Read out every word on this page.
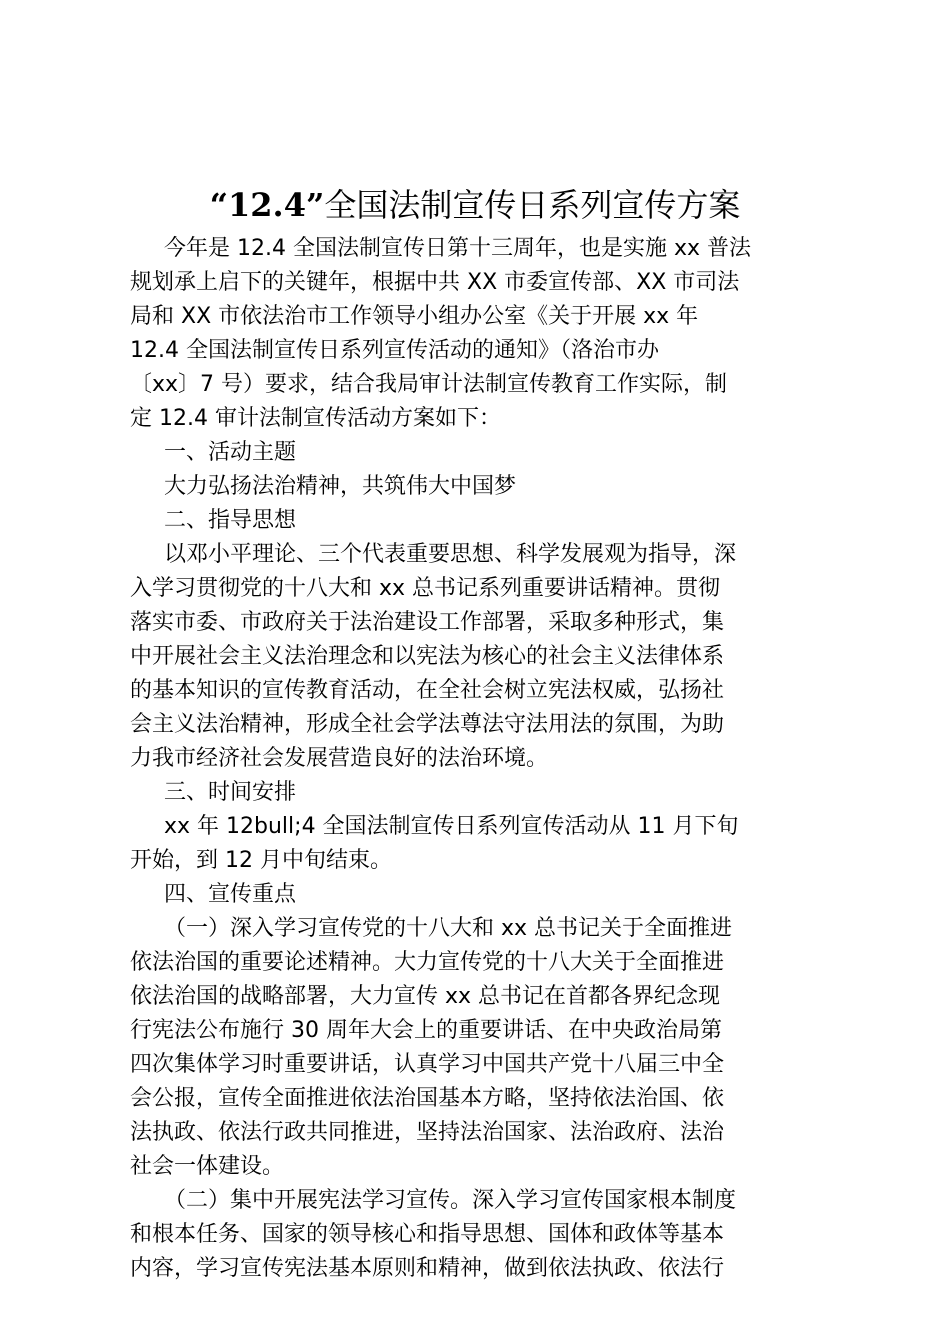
“12.4”全国法制宣传日系列宣传方案

今年是 12.4 全国法制宣传日第十三周年，也是实施 xx 普法

规划承上启下的关键年，根据中共 XX 市委宣传部、XX 市司法

局和 XX 市依法治市工作领导小组办公室《关于开展 xx 年

12.4 全国法制宣传日系列宣传活动的通知》（洛治市办

〔xx〕7 号）要求，结合我局审计法制宣传教育工作实际，制

定 12.4 审计法制宣传活动方案如下：

一、活动主题

大力弘扬法治精神，共筑伟大中国梦

二、指导思想

以邓小平理论、三个代表重要思想、科学发展观为指导，深

入学习贯彻党的十八大和 xx 总书记系列重要讲话精神。贯彻

落实市委、市政府关于法治建设工作部署，采取多种形式，集

中开展社会主义法治理念和以宪法为核心的社会主义法律体系

的基本知识的宣传教育活动，在全社会树立宪法权威，弘扬社

会主义法治精神，形成全社会学法尊法守法用法的氛围，为助

力我市经济社会发展营造良好的法治环境。

三、时间安排

xx 年 12bull;4 全国法制宣传日系列宣传活动从 11 月下旬

开始，到 12 月中旬结束。

四、宣传重点

（一）深入学习宣传党的十八大和 xx 总书记关于全面推进

依法治国的重要论述精神。大力宣传党的十八大关于全面推进

依法治国的战略部署，大力宣传 xx 总书记在首都各界纪念现

行宪法公布施行 30 周年大会上的重要讲话、在中央政治局第

四次集体学习时重要讲话，认真学习中国共产党十八届三中全

会公报，宣传全面推进依法治国基本方略，坚持依法治国、依

法执政、依法行政共同推进，坚持法治国家、法治政府、法治

社会一体建设。

（二）集中开展宪法学习宣传。深入学习宣传国家根本制度

和根本任务、国家的领导核心和指导思想、国体和政体等基本

内容，学习宣传宪法基本原则和精神，做到依法执政、依法行
